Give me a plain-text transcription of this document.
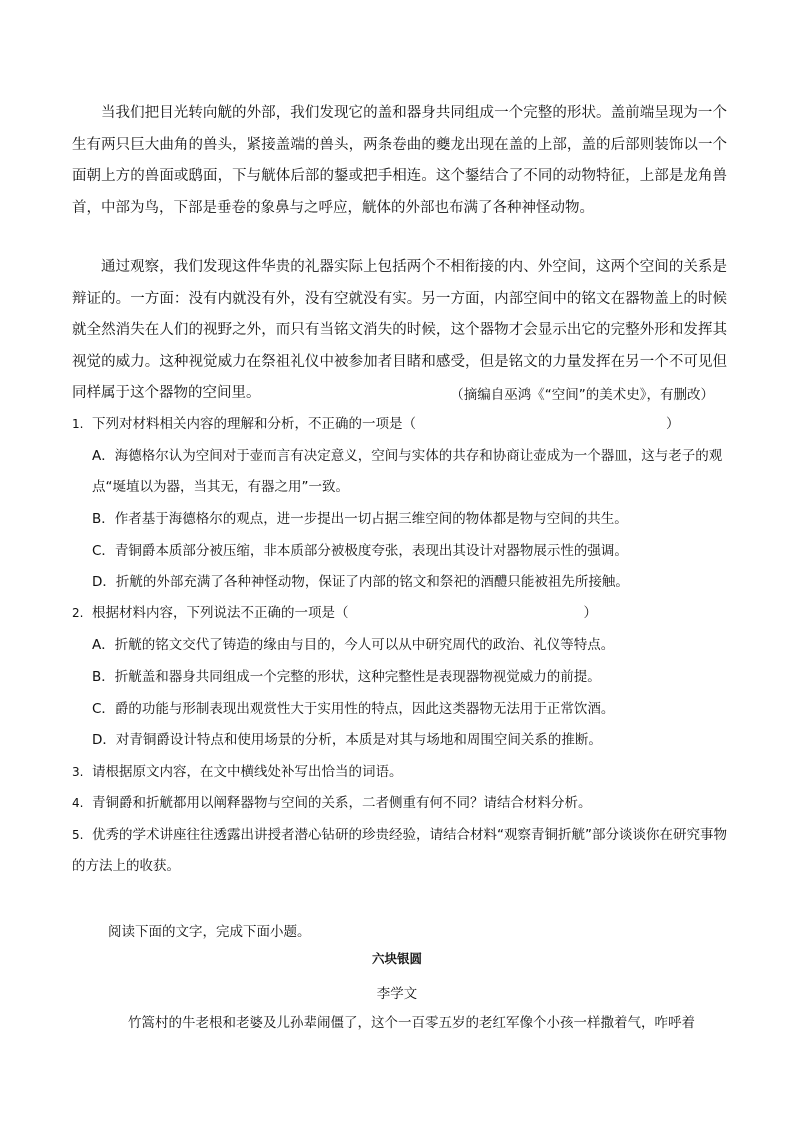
当我们把目光转向觥的外部，我们发现它的盖和器身共同组成一个完整的形状。盖前端呈现为一个生有两只巨大曲角的兽头，紧接盖端的兽头，两条卷曲的夔龙出现在盖的上部，盖的后部则装饰以一个面朝上方的兽面或鸱面，下与觥体后部的鋬或把手相连。这个鋬结合了不同的动物特征，上部是龙角兽首，中部为鸟，下部是垂卷的象鼻与之呼应，觥体的外部也布满了各种神怪动物。

通过观察，我们发现这件华贵的礼器实际上包括两个不相衔接的内、外空间，这两个空间的关系是辩证的。一方面：没有内就没有外，没有空就没有实。另一方面，内部空间中的铭文在器物盖上的时候就全然消失在人们的视野之外，而只有当铭文消失的时候，这个器物才会显示出它的完整外形和发挥其视觉的威力。这种视觉威力在祭祖礼仪中被参加者目睹和感受，但是铭文的力量发挥在另一个不可见但同样属于这个器物的空间里。	（摘编自巫鸿《“空间”的美术史》，有删改）

1. 下列对材料相关内容的理解和分析，不正确的一项是（	）

A．海德格尔认为空间对于壶而言有决定意义，空间与实体的共存和协商让壶成为一个器皿，这与老子的观点“埏埴以为器，当其无，有器之用”一致。

B．作者基于海德格尔的观点，进一步提出一切占据三维空间的物体都是物与空间的共生。

C．青铜爵本质部分被压缩，非本质部分被极度夸张，表现出其设计对器物展示性的强调。

D．折觥的外部充满了各种神怪动物，保证了内部的铭文和祭祀的酒醴只能被祖先所接触。

2. 根据材料内容，下列说法不正确的一项是（	）

A．折觥的铭文交代了铸造的缘由与目的，今人可以从中研究周代的政治、礼仪等特点。

B．折觥盖和器身共同组成一个完整的形状，这种完整性是表现器物视觉威力的前提。

C．爵的功能与形制表现出观赏性大于实用性的特点，因此这类器物无法用于正常饮酒。

D．对青铜爵设计特点和使用场景的分析，本质是对其与场地和周围空间关系的推断。

3. 请根据原文内容，在文中横线处补写出恰当的词语。

4. 青铜爵和折觥都用以阐释器物与空间的关系，二者侧重有何不同？请结合材料分析。

5. 优秀的学术讲座往往透露出讲授者潜心钻研的珍贵经验，请结合材料“观察青铜折觥”部分谈谈你在研究事物的方法上的收获。

阅读下面的文字，完成下面小题。

六块银圆

李学文

竹篙村的牛老根和老婆及儿孙辈闹僵了，这个一百零五岁的老红军像个小孩一样撒着气，咋呼着
